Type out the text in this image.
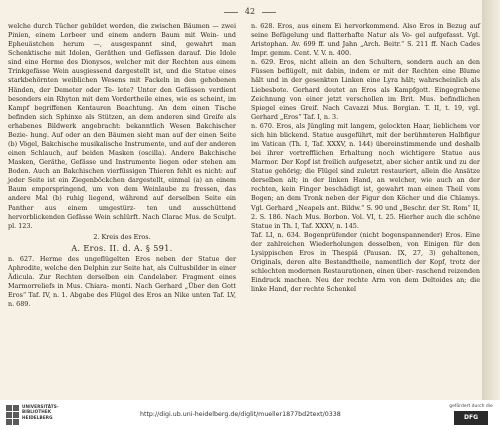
42

welche durch Tücher gebildet werden, die zwischen Bäumen — zwei Pinien, einem Lorbeer und einem andern Baum mit Wein- und Epheuästchen herum —, ausgespannt sind, gewahrt man Schenktische mit Idolen, Geräthen und Gefässen darauf. Die Idole sind eine Herme des Dionysos, welcher mit der Rechten aus einem Trinkgefässe Wein ausgiessend dargestellt ist, und die Statue eines starkbehörnten weiblichen Wesens mit Fackeln in den gehobenen Händen, der Demeter oder Te- lete? Unter den Gefässen verdient besonders ein Rhyton mit dem Vordertheile eines, wie es scheint, im Kampf begriffenen Kentauren Beachtung. An dem einen Tische befinden sich Sphinxe als Stützen, an dem anderen sind Greife als erhabenes Bildwerk angebracht: bekanntlich Wesen Bakchischer Bezie- hung. Auf oder an den Bäumen sieht man auf der einen Seite (b) Vögel, Bakchische musikalische Instrumente, und auf der anderen einen Schlauch, auf beiden Masken (oscilla). Andere Bakchische Masken, Geräthe, Gefässe und Instrumente liegen oder stehen am Boden. Auch an Bakchischen vierfüssigen Thieren fehlt es nicht: auf jeder Seite ist ein Ziegenböckchen dargestellt, einmal (a) an einem Baum emporspringend, um von dem Weinlaube zu fressen, das andere Mal (b) ruhig liegend, während auf derselben Seite ein Panther aus einem umgestürz- ten und ausschüttend hervorblickenden Gefässe Wein schlürft. Nach Clarac Mus. de Sculpt. pl. 123.

2. Kreis des Eros.
A. Eros. II. d. A. § 591.

n. 627. Herme des ungeflügelten Eros neben der Statue der Aphrodite, welche den Delphin zur Seite hat, als Cultusbilder in einer Ädicula. Zur Rechten derselben ein Candelaber. Fragment eines Marmorreliefs in Mus. Chiara- monti. Nach Gerhard „Über den Gott Eros“ Taf. IV, n. 1. Abgabe des Flügel des Eros an Nike unten Taf. LV, n. 689.

n. 628. Eros, aus einem Ei hervorkommend. Also Eros in Bezug auf seine Befügelung und flatterhafte Natur als Vo- gel aufgefasst. Vgl. Aristophan. Av. 699 ff. und Jahn „Arch. Beitr.“ S. 211 ff. Nach Cades Impr. gemm. Cent. V. V. n. 400.

n. 629. Eros, nicht allein an den Schultern, sondern auch an den Füssen beflügelt, mit dabin, indem er mit der Rechten eine Blume hält und in der gesenkten Linken eine Lyra hält; wahrscheinlich als Liebesbote. Gerhard deutet an Eros als Kampfgott. Eingegrabene Zeichnung von einer jetzt verschollen im Brit. Mus. befindlichen Spiegel eines Greif. Nach Cavazzi Mus. Borgian. T. II, t. 19, vgl. Gerhard „Eros“ Taf. I, n. 3.

n. 670. Eros, als Jüngling mit langem, gelockten Haar, lieblichem vor sich hin blickend. Statue ausgeführt, mit der berühmteren Halbfigur im Vatican (Th. I, Taf. XXXV, n. 144) übereinstimmende und deshalb bei ihrer vortrefflichen Erhaltung noch wichtigere Statue aus Marmor. Der Kopf ist freilich aufgesetzt, aber sicher antik und zu der Statue gehörig; die Flügel sind zuletzt restauriert, allein die Ansätze derselben alt; in der linken Hand, an welcher, wie auch an der rechten, kein Finger beschädigt ist, gewahrt man einen Theil vom Bogen; an dem Tronk neben der Figur den Köcher und die Chlamys. Vgl. Gerhard „Neapels ant. Bildw.“ S. 90 und „Beschr. der St. Rom“ II, 2. S. 186. Nach Mus. Borbon. Vol. VI, t. 25. Hierher auch die schöne Statue in Th. I, Taf. XXXV, n. 145.

Taf. LI, n. 634. Bogenprüfender (nicht bogenspannender) Eros. Eine der zahlreichen Wiederholungen desselben, von Einigen für den Lysippischen Eros in Thespiä (Pausan. IX, 27, 3) gehaltenen, Originals, deren alte Bestandtheile, namentlich der Kopf, trotz der schlechten modernen Restaurationen, einen über- raschend reizenden Eindruck machen. Neu der rechte Arm von dem Deltoides an; die linke Hand, der rechte Schenkel

UNIVERSITÄTS-
BIBLIOTHEK
HEIDELBERG	http://digi.ub.uni-heidelberg.de/diglit/mueller1877bd2text/0338
gefördert durch die
DFG
